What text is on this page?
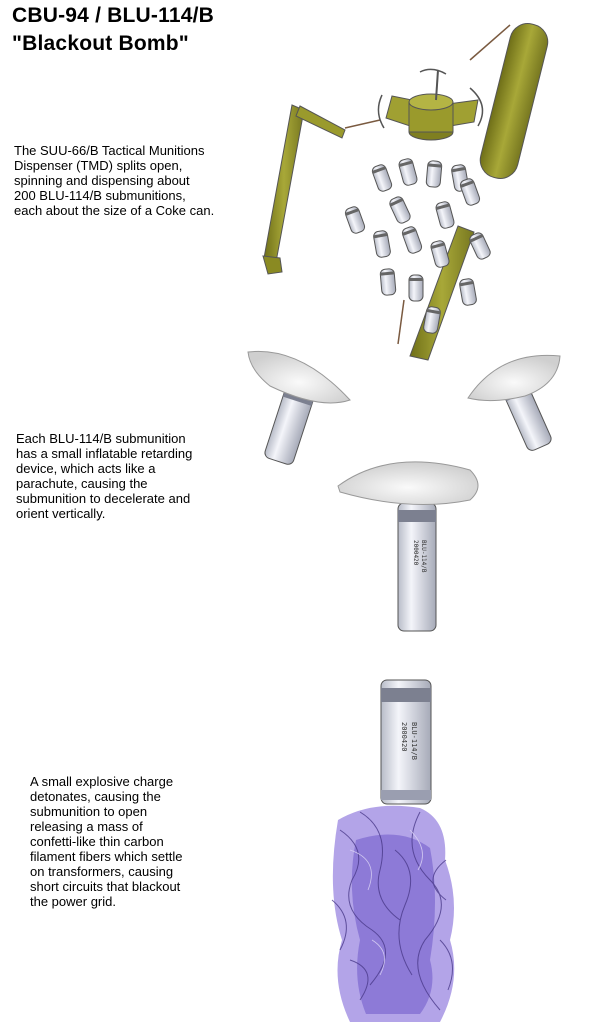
CBU-94 / BLU-114/B
"Blackout Bomb"
The SUU-66/B Tactical Munitions
Dispenser (TMD) splits open,
spinning and dispensing about
200 BLU-114/B submunitions,
each about the size of a Coke can.
Each BLU-114/B submunition
has a small inflatable retarding
device, which acts like a
parachute, causing the
submunition to decelerate and
orient vertically.
A small explosive charge
detonates, causing the
submunition to open
releasing a mass of
confetti-like thin carbon
filament fibers which settle
on transformers, causing
short circuits that blackout
the power grid.
BLU-114/B
2000420
BLU-114/B
2000420
